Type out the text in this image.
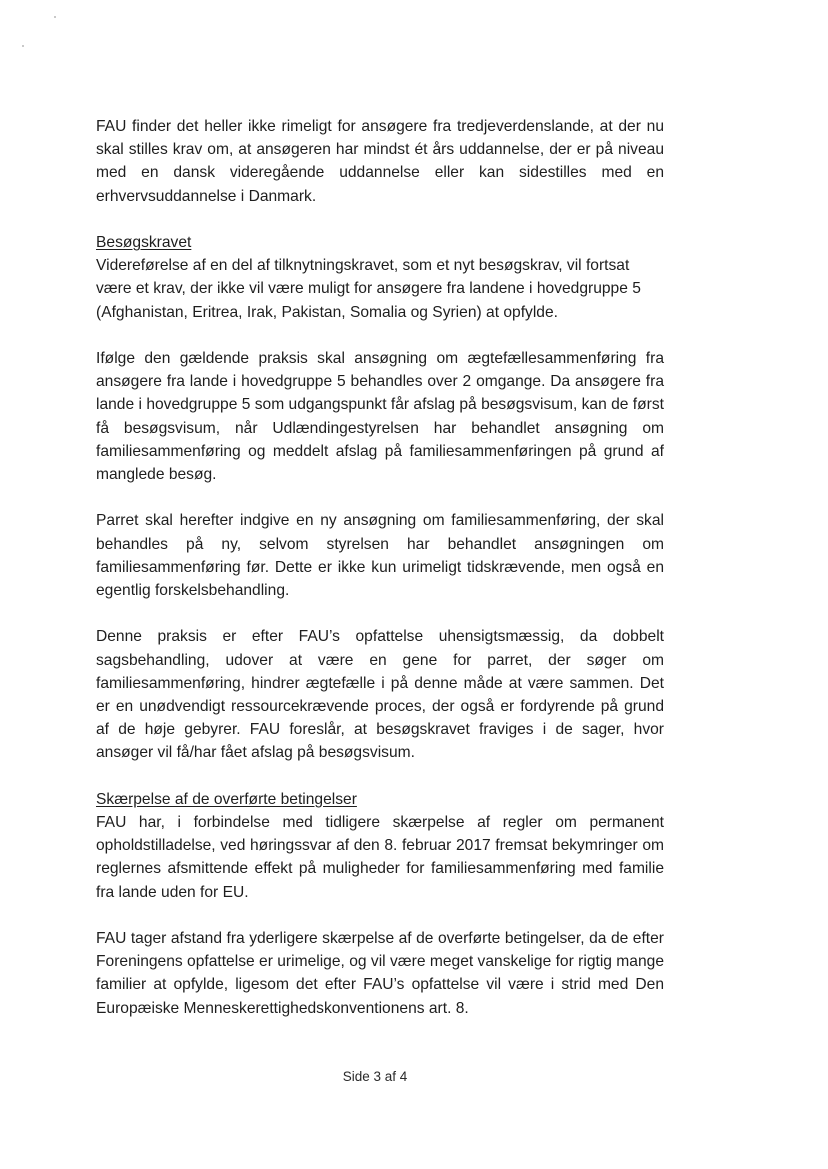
FAU finder det heller ikke rimeligt for ansøgere fra tredjeverdenslande, at der nu skal stilles krav om, at ansøgeren har mindst ét års uddannelse, der er på niveau med en dansk videregående uddannelse eller kan sidestilles med en erhvervsuddannelse i Danmark.

Besøgskravet
Videreførelse af en del af tilknytningskravet, som et nyt besøgskrav, vil fortsat være et krav, der ikke vil være muligt for ansøgere fra landene i hovedgruppe 5 (Afghanistan, Eritrea, Irak, Pakistan, Somalia og Syrien) at opfylde.

Ifølge den gældende praksis skal ansøgning om ægtefællesammenføring fra ansøgere fra lande i hovedgruppe 5 behandles over 2 omgange. Da ansøgere fra lande i hovedgruppe 5 som udgangspunkt får afslag på besøgsvisum, kan de først få besøgsvisum, når Udlændingestyrelsen har behandlet ansøgning om familiesammenføring og meddelt afslag på familiesammenføringen på grund af manglede besøg.

Parret skal herefter indgive en ny ansøgning om familiesammenføring, der skal behandles på ny, selvom styrelsen har behandlet ansøgningen om familiesammenføring før. Dette er ikke kun urimeligt tidskrævende, men også en egentlig forskelsbehandling.

Denne praksis er efter FAU’s opfattelse uhensigtsmæssig, da dobbelt sagsbehandling, udover at være en gene for parret, der søger om familiesammenføring, hindrer ægtefælle i på denne måde at være sammen. Det er en unødvendigt ressourcekrævende proces, der også er fordyrende på grund af de høje gebyrer. FAU foreslår, at besøgskravet fraviges i de sager, hvor ansøger vil få/har fået afslag på besøgsvisum.

Skærpelse af de overførte betingelser
FAU har, i forbindelse med tidligere skærpelse af regler om permanent opholdstilladelse, ved høringssvar af den 8. februar 2017 fremsat bekymringer om reglernes afsmittende effekt på muligheder for familiesammenføring med familie fra lande uden for EU.

FAU tager afstand fra yderligere skærpelse af de overførte betingelser, da de efter Foreningens opfattelse er urimelige, og vil være meget vanskelige for rigtig mange familier at opfylde, ligesom det efter FAU’s opfattelse vil være i strid med Den Europæiske Menneskerettighedskonventionens art. 8.

Side 3 af 4
